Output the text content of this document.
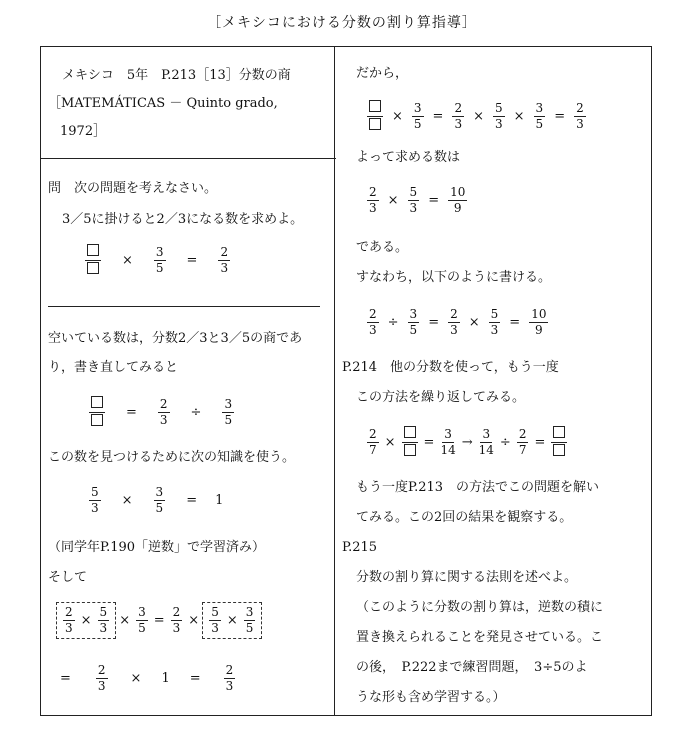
［メキシコにおける分数の割り算指導］
メキシコ　5年　P.213［13］分数の商
［MATEMÁTICAS － Quinto grado,
1972］
問　次の問題を考えなさい。
3／5に掛けると2／3になる数を求めよ。
× $\frac{3}{5} = \frac{2}{3}$
空いている数は，分数2／3と3／5の商であ
り，書き直してみると
= $\frac{2}{3} \div \frac{3}{5}$
この数を見つけるために次の知識を使う。
$\frac{5}{3} \times \frac{3}{5} = 1$
（同学年P.190「逆数」で学習済み）
そして
$\frac{2}{3} \times \frac{5}{3} \times \frac{3}{5} = \frac{2}{3} \times \frac{5}{3} \times \frac{3}{5}$
= $\frac{2}{3} \times 1 = \frac{2}{3}$
だから，
× $\frac{3}{5} = \frac{2}{3} \times \frac{5}{3} \times \frac{3}{5} = \frac{2}{3}$
よって求める数は
$\frac{2}{3} \times \frac{5}{3} = \frac{10}{9}$
である。
すなわち，以下のように書ける。
$\frac{2}{3} \div \frac{3}{5} = \frac{2}{3} \times \frac{5}{3} = \frac{10}{9}$
P.214　他の分数を使って，もう一度
この方法を繰り返してみる。
$\frac{2}{7}$ × = $\frac{3}{14} \to \frac{3}{14} \div \frac{2}{7}$ =
もう一度P.213　の方法でこの問題を解い
てみる。この2回の結果を観察する。
P.215
分数の割り算に関する法則を述べよ。
（このように分数の割り算は，逆数の積に
置き換えられることを発見させている。こ
の後，　P.222まで練習問題，　3÷5のよ
うな形も含め学習する。）
